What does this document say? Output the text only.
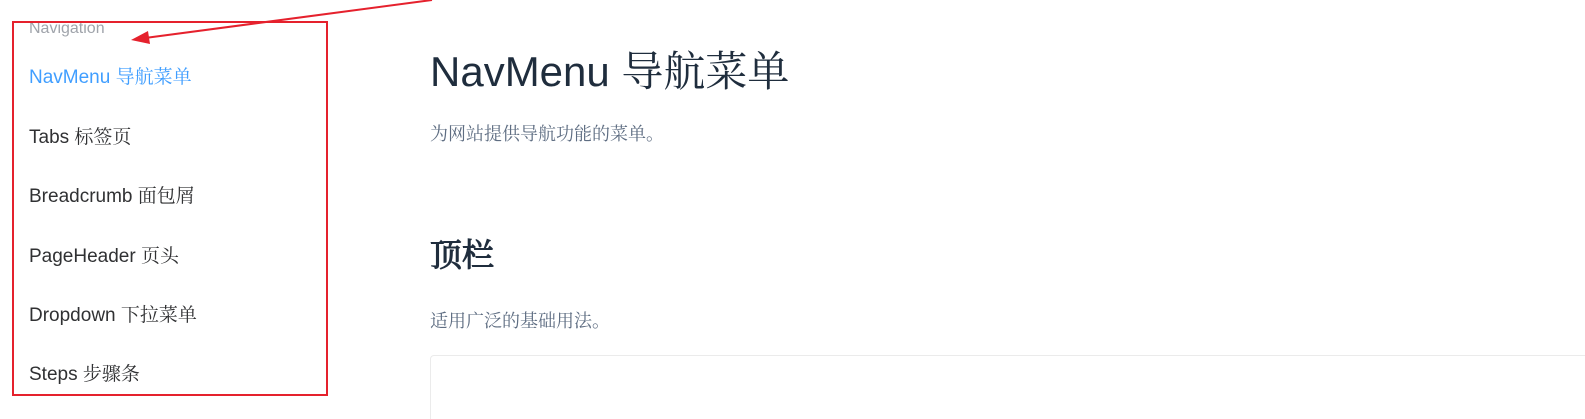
Navigation
NavMenu 导航菜单
Tabs 标签页
Breadcrumb 面包屑
PageHeader 页头
Dropdown 下拉菜单
Steps 步骤条
NavMenu 导航菜单

为网站提供导航功能的菜单。

顶栏

适用广泛的基础用法。
